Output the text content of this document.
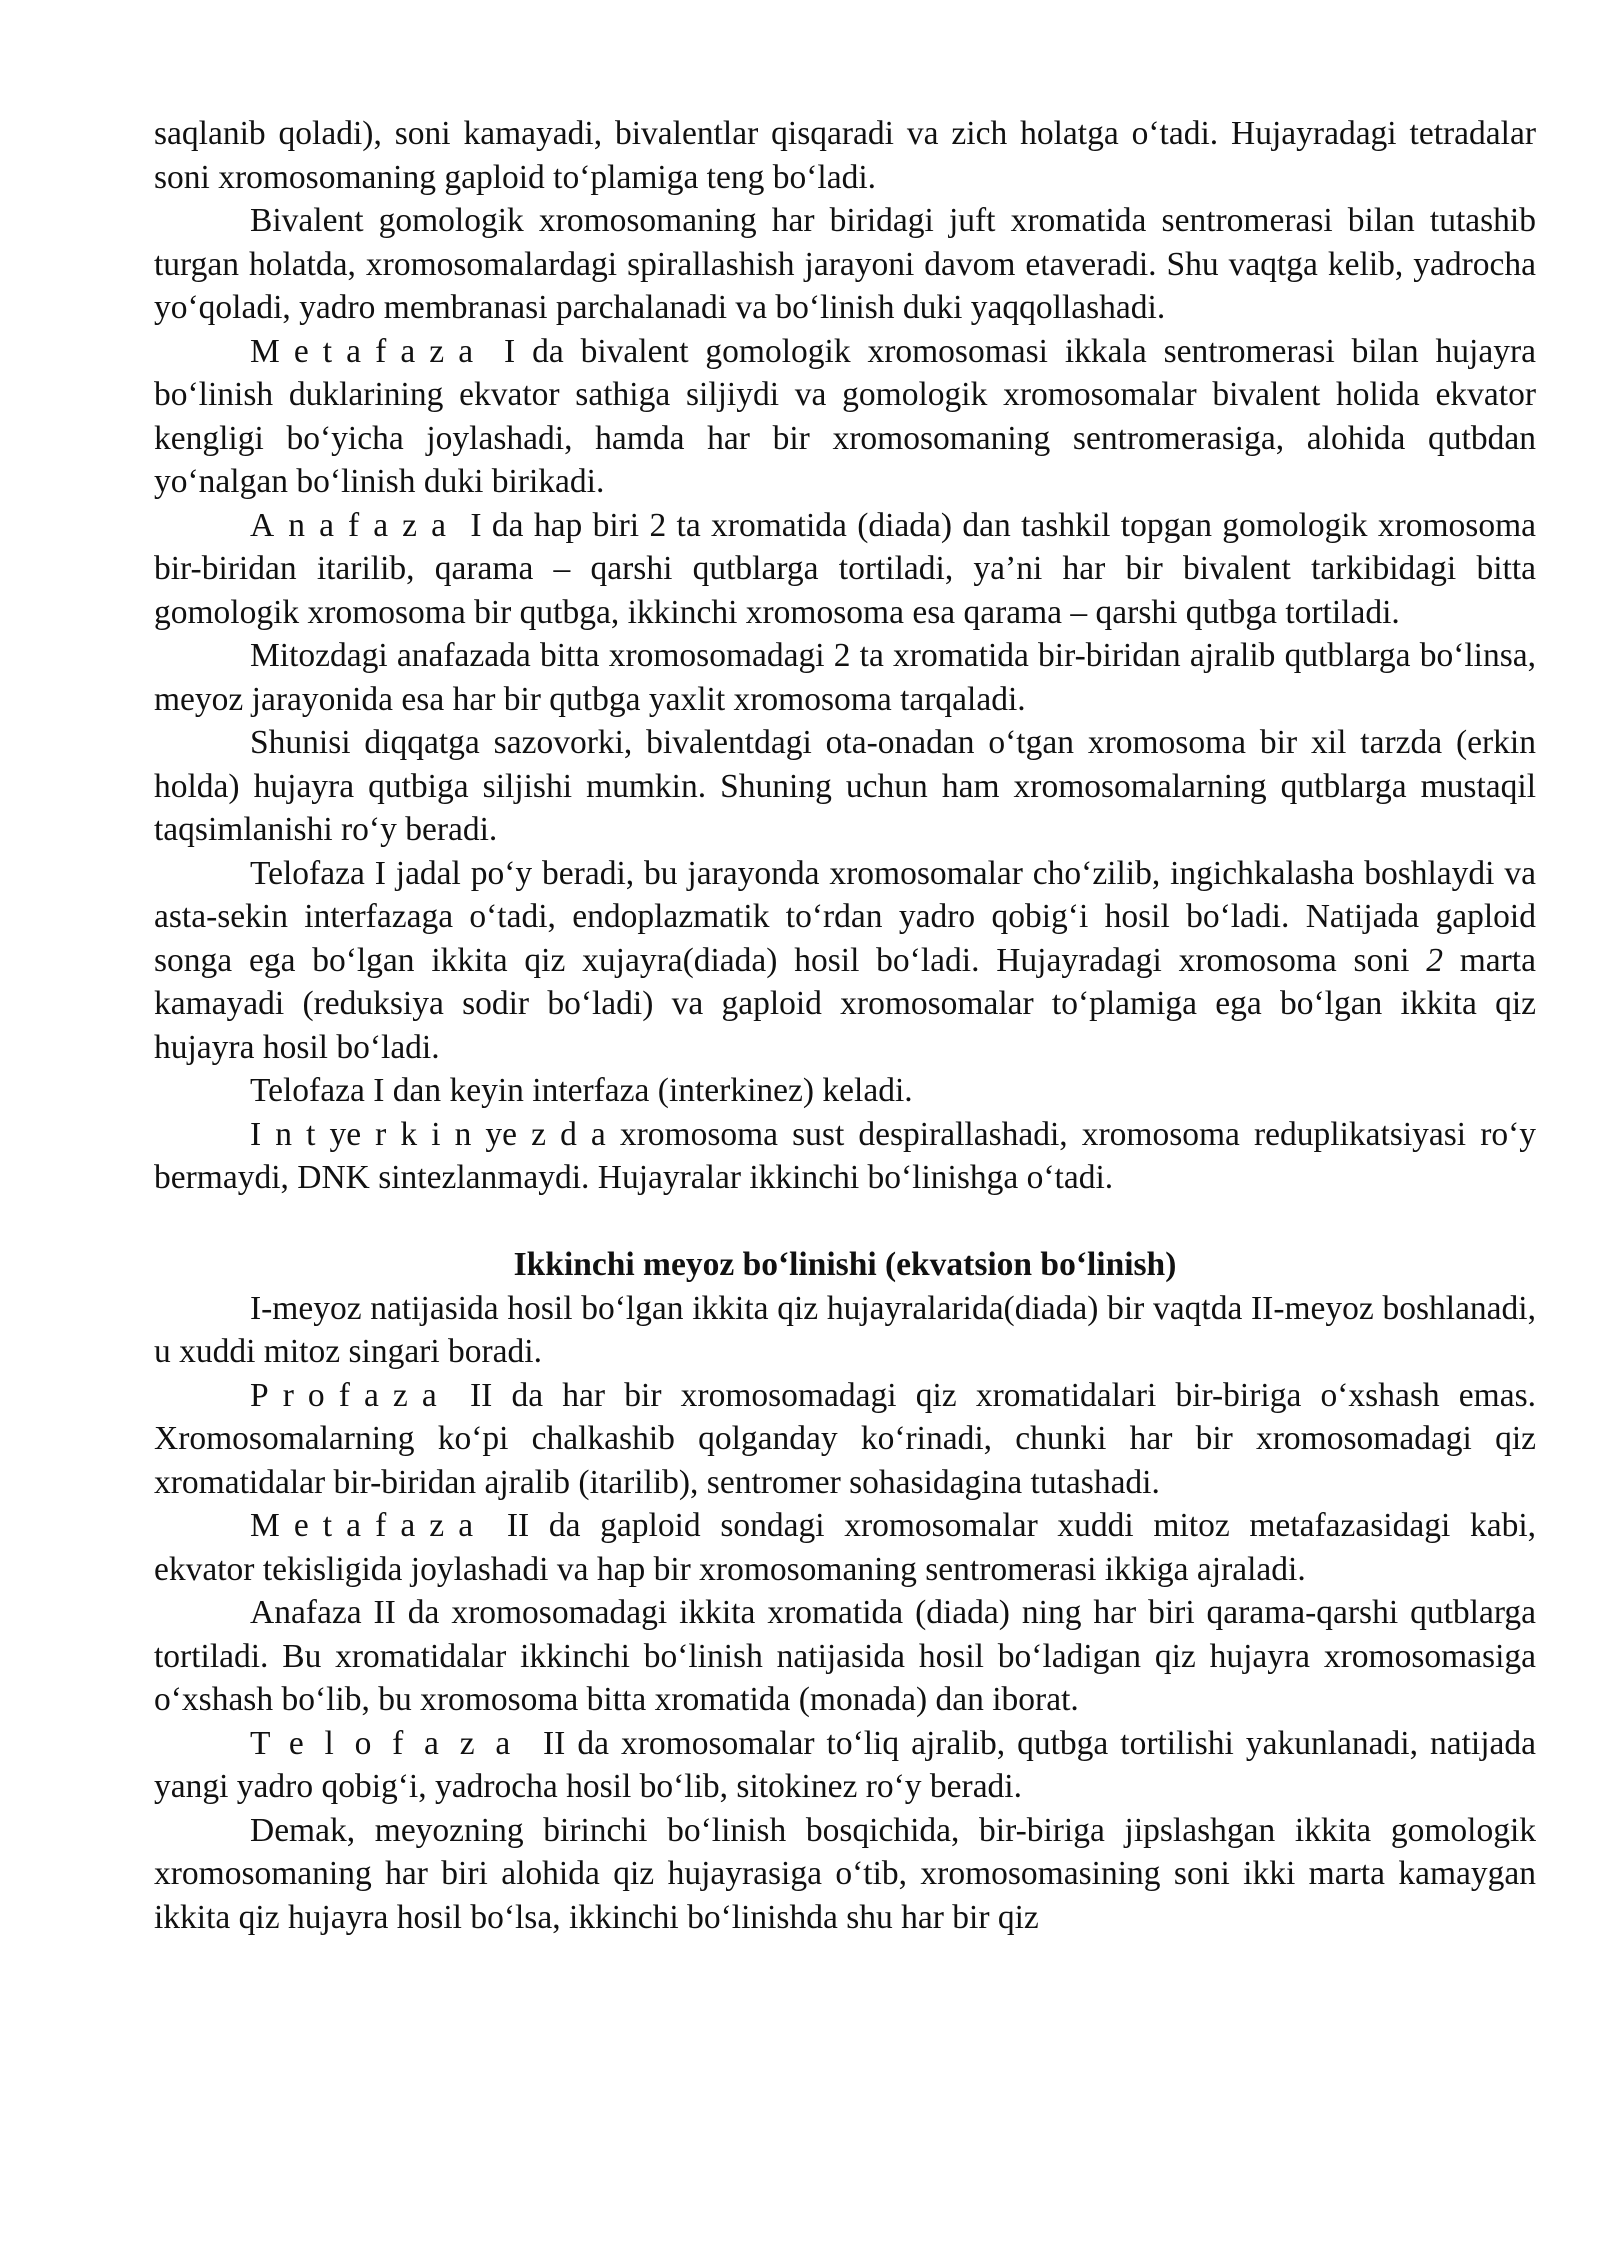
saqlanib qoladi), soni kamayadi, bivalentlar qisqaradi va zich holatga o‘tadi. Hujayradagi tetradalar soni xromosomaning gaploid to‘plamiga teng bo‘ladi.

Bivalent gomologik xromosomaning har biridagi juft xromatida sentromerasi bilan tutashib turgan holatda, xromosomalardagi spirallashish jarayoni davom etaveradi. Shu vaqtga kelib, yadrocha yo‘qoladi, yadro membranasi parchalanadi va bo‘linish duki yaqqollashadi.

Metafaza I da bivalent gomologik xromosomasi ikkala sentromerasi bilan hujayra bo‘linish duklarining ekvator sathiga siljiydi va gomologik xromosomalar bivalent holida ekvator kengligi bo‘yicha joylashadi, hamda har bir xromosomaning sentromerasiga, alohida qutbdan yo‘nalgan bo‘linish duki birikadi.

Anafaza I da hap biri 2 ta xromatida (diada) dan tashkil topgan gomologik xromosoma bir-biridan itarilib, qarama – qarshi qutblarga tortiladi, ya’ni har bir bivalent tarkibidagi bitta gomologik xromosoma bir qutbga, ikkinchi xromosoma esa qarama – qarshi qutbga tortiladi.

Mitozdagi anafazada bitta xromosomadagi 2 ta xromatida bir-biridan ajralib qutblarga bo‘linsa, meyoz jarayonida esa har bir qutbga yaxlit xromosoma tarqaladi.

Shunisi diqqatga sazovorki, bivalentdagi ota-onadan o‘tgan xromosoma bir xil tarzda (erkin holda) hujayra qutbiga siljishi mumkin. Shuning uchun ham xromosomalarning qutblarga mustaqil taqsimlanishi ro‘y beradi.

Telofaza I jadal po‘y beradi, bu jarayonda xromosomalar cho‘zilib, ingichkalasha boshlaydi va asta-sekin interfazaga o‘tadi, endoplazmatik to‘rdan yadro qobig‘i hosil bo‘ladi. Natijada gaploid songa ega bo‘lgan ikkita qiz xujayra(diada) hosil bo‘ladi. Hujayradagi xromosoma soni 2 marta kamayadi (reduksiya sodir bo‘ladi) va gaploid xromosomalar to‘plamiga ega bo‘lgan ikkita qiz hujayra hosil bo‘ladi.

Telofaza I dan keyin interfaza (interkinez) keladi.

I n t ye r k i n ye z d a xromosoma sust despirallashadi, xromosoma reduplikatsiyasi ro‘y bermaydi, DNK sintezlanmaydi. Hujayralar ikkinchi bo‘linishga o‘tadi.

Ikkinchi meyoz bo‘linishi (ekvatsion bo‘linish)

I-meyoz natijasida hosil bo‘lgan ikkita qiz hujayralarida(diada) bir vaqtda II-meyoz boshlanadi, u xuddi mitoz singari boradi.

Profaza II da har bir xromosomadagi qiz xromatidalari bir-biriga o‘xshash emas. Xromosomalarning ko‘pi chalkashib qolganday ko‘rinadi, chunki har bir xromosomadagi qiz xromatidalar bir-biridan ajralib (itarilib), sentromer sohasidagina tutashadi.

Metafaza II da gaploid sondagi xromosomalar xuddi mitoz metafazasidagi kabi, ekvator tekisligida joylashadi va hap bir xromosomaning sentromerasi ikkiga ajraladi.

Anafaza II da xromosomadagi ikkita xromatida (diada) ning har biri qarama-qarshi qutblarga tortiladi. Bu xromatidalar ikkinchi bo‘linish natijasida hosil bo‘ladigan qiz hujayra xromosomasiga o‘xshash bo‘lib, bu xromosoma bitta xromatida (monada) dan iborat.

Telofaza II da xromosomalar to‘liq ajralib, qutbga tortilishi yakunlanadi, natijada yangi yadro qobig‘i, yadrocha hosil bo‘lib, sitokinez ro‘y beradi.

Demak, meyozning birinchi bo‘linish bosqichida, bir-biriga jipslashgan ikkita gomologik xromosomaning har biri alohida qiz hujayrasiga o‘tib, xromosomasining soni ikki marta kamaygan ikkita qiz hujayra hosil bo‘lsa, ikkinchi bo‘linishda shu har bir qiz
